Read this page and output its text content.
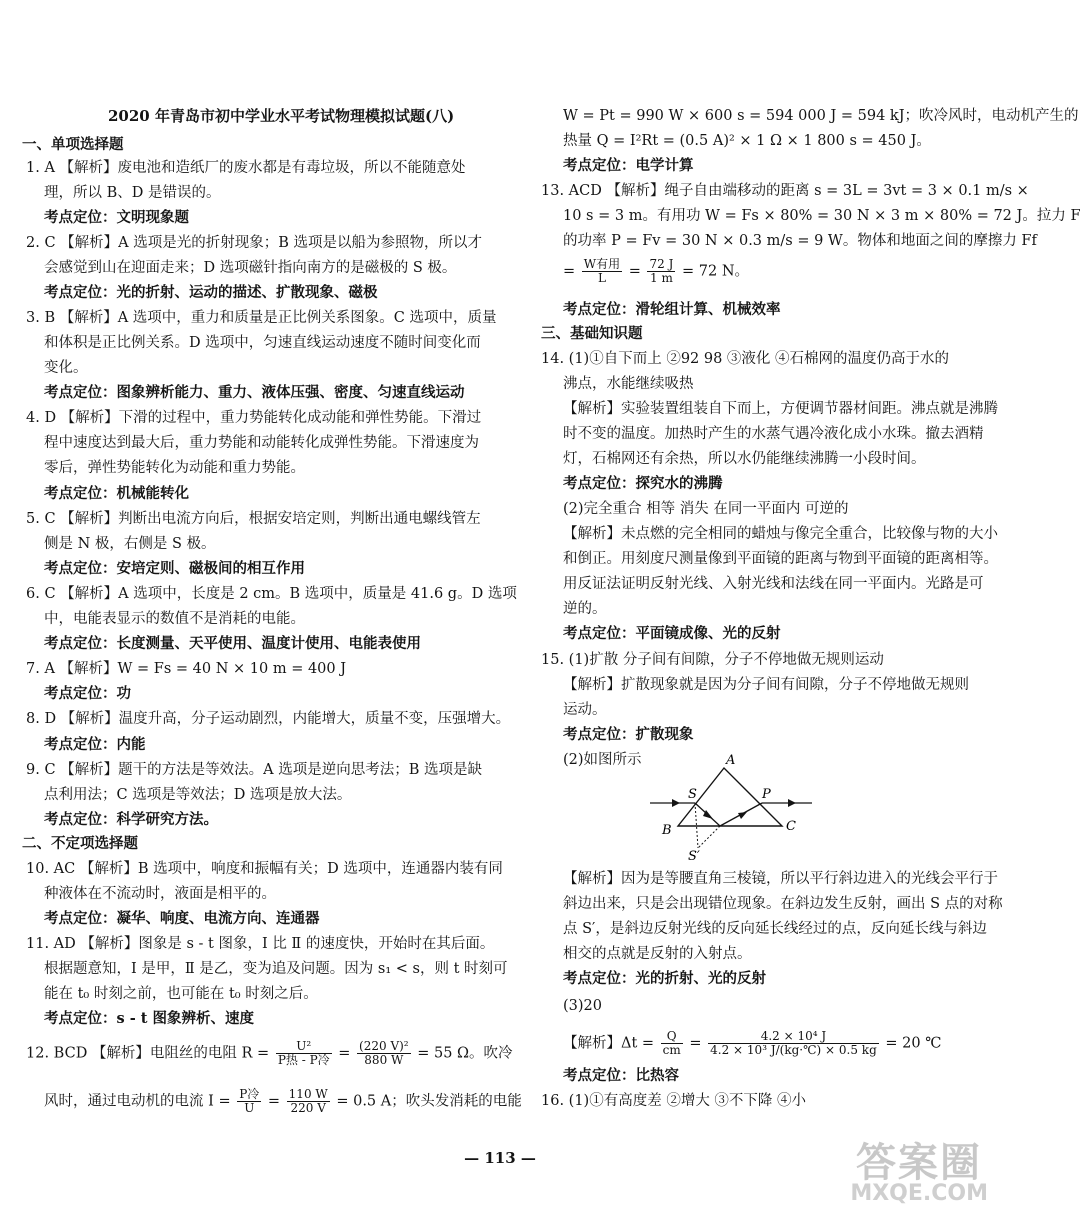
2020 年青岛市初中学业水平考试物理模拟试题(八)
一、单项选择题
1. A 【解析】废电池和造纸厂的废水都是有毒垃圾，所以不能随意处
理，所以 B、D 是错误的。
考点定位：文明现象题
2. C 【解析】A 选项是光的折射现象；B 选项是以船为参照物，所以才
会感觉到山在迎面走来；D 选项磁针指向南方的是磁极的 S 极。
考点定位：光的折射、运动的描述、扩散现象、磁极
3. B 【解析】A 选项中，重力和质量是正比例关系图象。C 选项中，质量
和体积是正比例关系。D 选项中，匀速直线运动速度不随时间变化而
变化。
考点定位：图象辨析能力、重力、液体压强、密度、匀速直线运动
4. D 【解析】下滑的过程中，重力势能转化成动能和弹性势能。下滑过
程中速度达到最大后，重力势能和动能转化成弹性势能。下滑速度为
零后，弹性势能转化为动能和重力势能。
考点定位：机械能转化
5. C 【解析】判断出电流方向后，根据安培定则，判断出通电螺线管左
侧是 N 极，右侧是 S 极。
考点定位：安培定则、磁极间的相互作用
6. C 【解析】A 选项中，长度是 2 cm。B 选项中，质量是 41.6 g。D 选项
中，电能表显示的数值不是消耗的电能。
考点定位：长度测量、天平使用、温度计使用、电能表使用
7. A 【解析】W = Fs = 40 N × 10 m = 400 J
考点定位：功
8. D 【解析】温度升高，分子运动剧烈，内能增大，质量不变，压强增大。
考点定位：内能
9. C 【解析】题干的方法是等效法。A 选项是逆向思考法；B 选项是缺
点利用法；C 选项是等效法；D 选项是放大法。
考点定位：科学研究方法。
二、不定项选择题
10. AC 【解析】B 选项中，响度和振幅有关；D 选项中，连通器内装有同
种液体在不流动时，液面是相平的。
考点定位：凝华、响度、电流方向、连通器
11. AD 【解析】图象是 s - t 图象，Ⅰ 比 Ⅱ 的速度快，开始时在其后面。
根据题意知，Ⅰ 是甲，Ⅱ 是乙，变为追及问题。因为 s₁ < s，则 t 时刻可
能在 t₀ 时刻之前，也可能在 t₀ 时刻之后。
考点定位：s - t 图象辨析、速度
12. BCD 【解析】电阻丝的电阻 $R = \frac{\text{U²}}{\text{P热 - P冷}} = \frac{\text{(220 V)²}}{880 W} = 55$ Ω。吹冷
风时，通过电动机的电流 $I = \frac{\text{P冷}}{U} = \frac{110 W}{220 V} = 0.5$ A；吹头发消耗的电能
W = Pt = 990 W × 600 s = 594 000 J = 594 kJ；吹冷风时，电动机产生的
热量 Q = I²Rt = (0.5 A)² × 1 Ω × 1 800 s = 450 J。
考点定位：电学计算
13. ACD 【解析】绳子自由端移动的距离 s = 3L = 3vt = 3 × 0.1 m/s ×
10 s = 3 m。有用功 W = Fs × 80% = 30 N × 3 m × 80% = 72 J。拉力 F
的功率 P = Fv = 30 N × 0.3 m/s = 9 W。物体和地面之间的摩擦力 Ff
= $\frac{\text{W有用}}{L} = \frac{72 J}{1 m} = 72$ N。
考点定位：滑轮组计算、机械效率
三、基础知识题
14. (1)①自下而上 ②92 98 ③液化 ④石棉网的温度仍高于水的
沸点，水能继续吸热
【解析】实验装置组装自下而上，方便调节器材间距。沸点就是沸腾
时不变的温度。加热时产生的水蒸气遇冷液化成小水珠。撤去酒精
灯，石棉网还有余热，所以水仍能继续沸腾一小段时间。
考点定位：探究水的沸腾
(2)完全重合 相等 消失 在同一平面内 可逆的
【解析】未点燃的完全相同的蜡烛与像完全重合，比较像与物的大小
和倒正。用刻度尺测量像到平面镜的距离与物到平面镜的距离相等。
用反证法证明反射光线、入射光线和法线在同一平面内。光路是可
逆的。
考点定位：平面镜成像、光的反射
15. (1)扩散 分子间有间隙，分子不停地做无规则运动
【解析】扩散现象就是因为分子间有间隙，分子不停地做无规则
运动。
考点定位：扩散现象
(2)如图所示	A
S	P
B	C
S′
【解析】因为是等腰直角三棱镜，所以平行斜边进入的光线会平行于
斜边出来，只是会出现错位现象。在斜边发生反射，画出 S 点的对称
点 S′，是斜边反射光线的反向延长线经过的点，反向延长线与斜边
相交的点就是反射的入射点。
考点定位：光的折射、光的反射
(3)20
【解析】$\Delta t = \frac{Q}{cm} = \frac{\text{4.2 × 10⁴ J}}{\text{4.2 × 10³ J/(kg·℃) × 0.5 kg}} = 20$ ℃
考点定位：比热容
16. (1)①有高度差 ②增大 ③不下降 ④小
— 113 —	答案圈
MXQE.COM
